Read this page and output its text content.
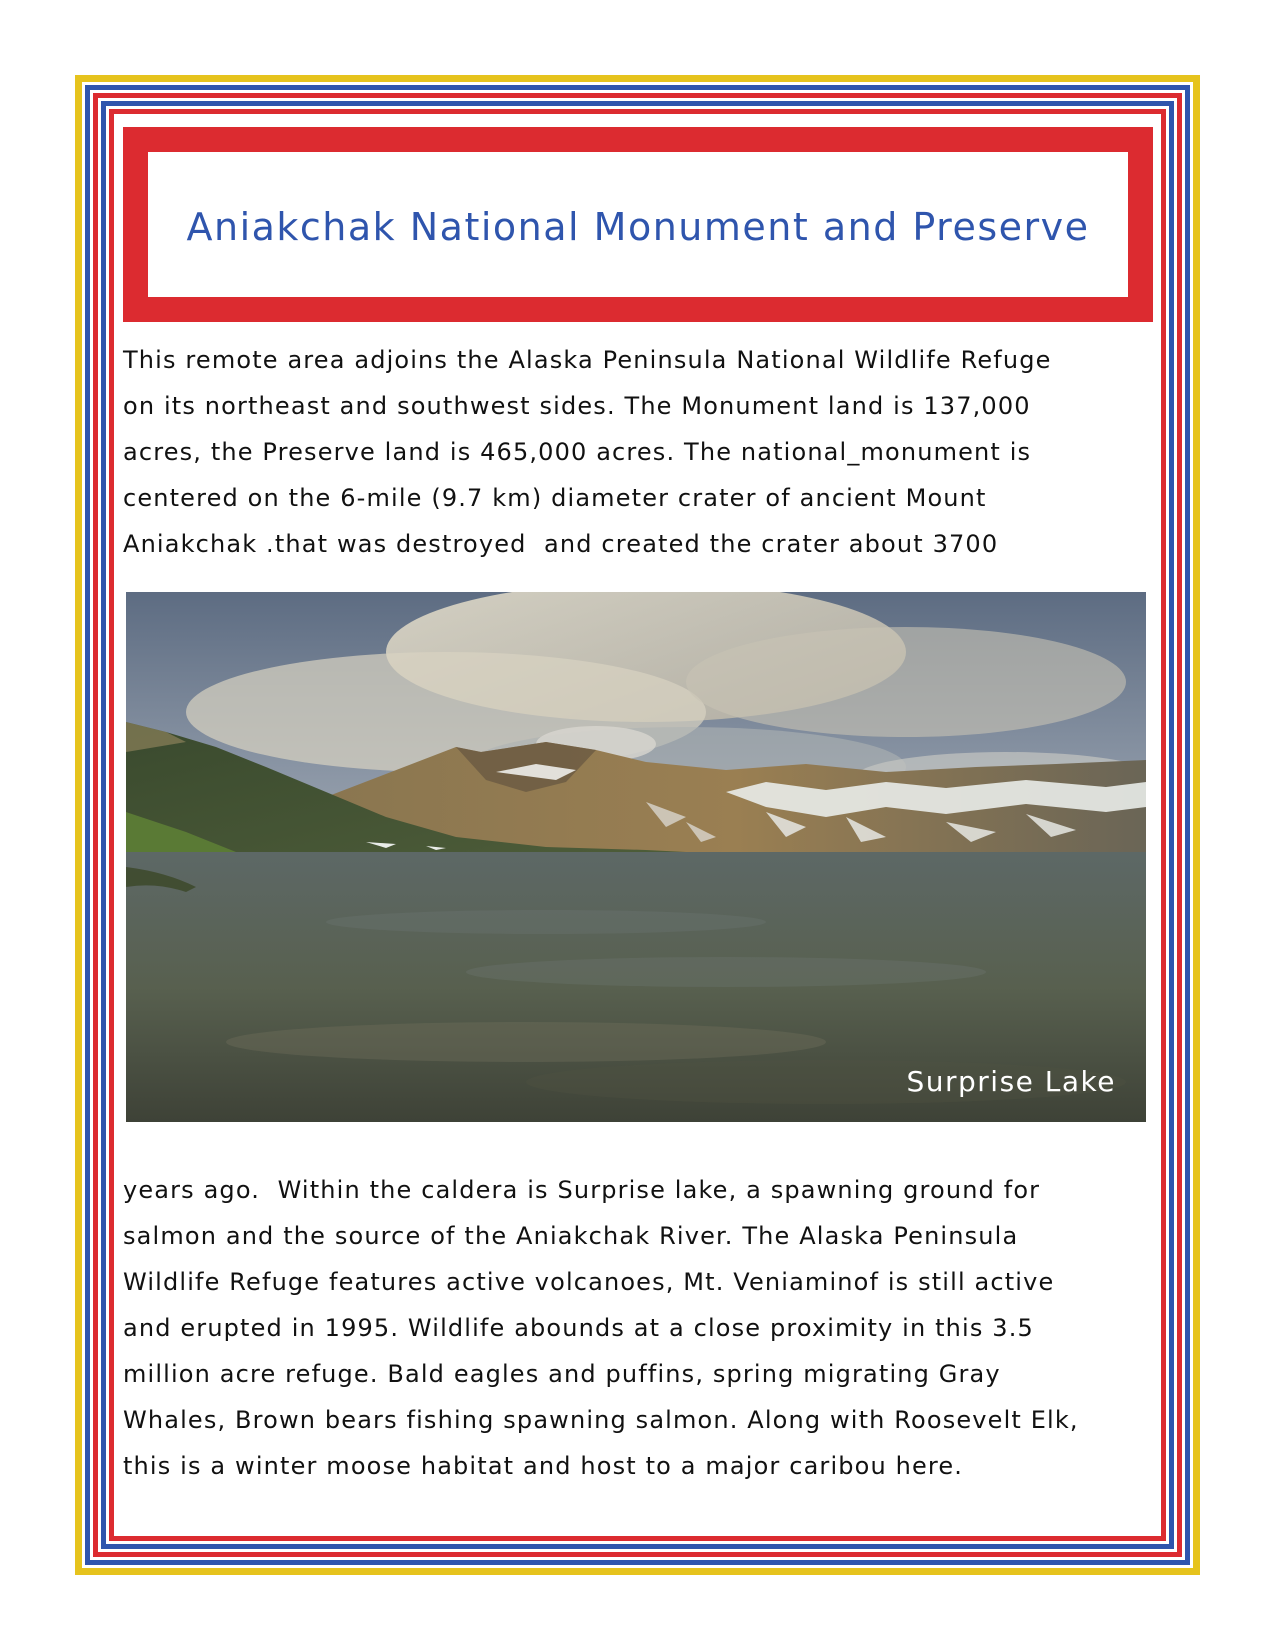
Aniakchak National Monument and Preserve
This remote area adjoins the Alaska Peninsula National Wildlife Refuge
on its northeast and southwest sides. The Monument land is 137,000
acres, the Preserve land is 465,000 acres. The national_monument is
centered on the 6-mile (9.7 km) diameter crater of ancient Mount
Aniakchak .that was destroyed  and created the crater about 3700
Surprise Lake
years ago.  Within the caldera is Surprise lake, a spawning ground for
salmon and the source of the Aniakchak River. The Alaska Peninsula
Wildlife Refuge features active volcanoes, Mt. Veniaminof is still active
and erupted in 1995. Wildlife abounds at a close proximity in this 3.5
million acre refuge. Bald eagles and puffins, spring migrating Gray
Whales, Brown bears fishing spawning salmon. Along with Roosevelt Elk,
this is a winter moose habitat and host to a major caribou here.
